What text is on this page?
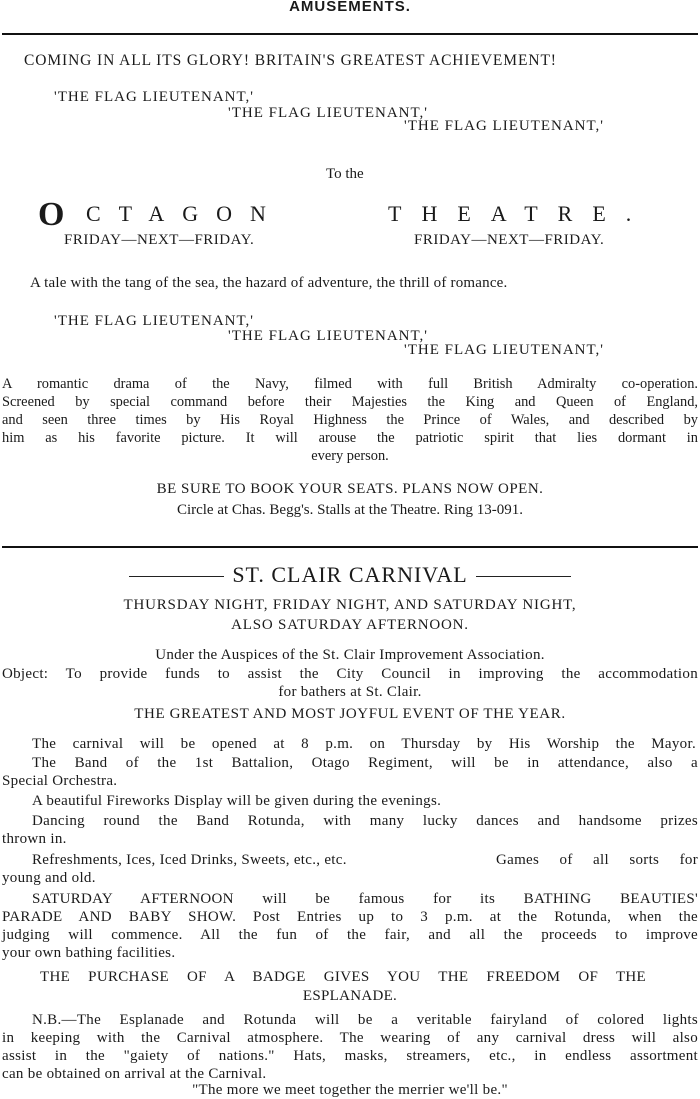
AMUSEMENTS.
COMING IN ALL ITS GLORY! BRITAIN'S GREATEST ACHIEVEMENT!
'THE FLAG LIEUTENANT,'
'THE FLAG LIEUTENANT,'
'THE FLAG LIEUTENANT,'
To the
O CTAGON	THEATRE.
FRIDAY—NEXT—FRIDAY.	FRIDAY—NEXT—FRIDAY.
A tale with the tang of the sea, the hazard of adventure, the thrill of romance.
'THE FLAG LIEUTENANT,'
'THE FLAG LIEUTENANT,'
'THE FLAG LIEUTENANT,'
A romantic drama of the Navy, filmed with full British Admiralty co-operation.
Screened by special command before their Majesties the King and Queen of England,
and seen three times by His Royal Highness the Prince of Wales, and described by
him as his favorite picture. It will arouse the patriotic spirit that lies dormant in
every person.
BE SURE TO BOOK YOUR SEATS. PLANS NOW OPEN.
Circle at Chas. Begg's. Stalls at the Theatre. Ring 13-091.
ST. CLAIR CARNIVAL
THURSDAY NIGHT, FRIDAY NIGHT, AND SATURDAY NIGHT,
ALSO SATURDAY AFTERNOON.
Under the Auspices of the St. Clair Improvement Association.
Object: To provide funds to assist the City Council in improving the accommodation
for bathers at St. Clair.
THE GREATEST AND MOST JOYFUL EVENT OF THE YEAR.
The carnival will be opened at 8 p.m. on Thursday by His Worship the Mayor.
The Band of the 1st Battalion, Otago Regiment, will be in attendance, also a
Special Orchestra.
A beautiful Fireworks Display will be given during the evenings.
Dancing round the Band Rotunda, with many lucky dances and handsome prizes
thrown in.
Refreshments, Ices, Iced Drinks, Sweets, etc., etc.	Games of all sorts for
young and old.
SATURDAY AFTERNOON will be famous for its BATHING BEAUTIES'
PARADE AND BABY SHOW. Post Entries up to 3 p.m. at the Rotunda, when the
judging will commence. All the fun of the fair, and all the proceeds to improve
your own bathing facilities.
THE PURCHASE OF A BADGE GIVES YOU THE FREEDOM OF THE
ESPLANADE.
N.B.—The Esplanade and Rotunda will be a veritable fairyland of colored lights
in keeping with the Carnival atmosphere. The wearing of any carnival dress will also
assist in the "gaiety of nations." Hats, masks, streamers, etc., in endless assortment
can be obtained on arrival at the Carnival.
"The more we meet together the merrier we'll be."
